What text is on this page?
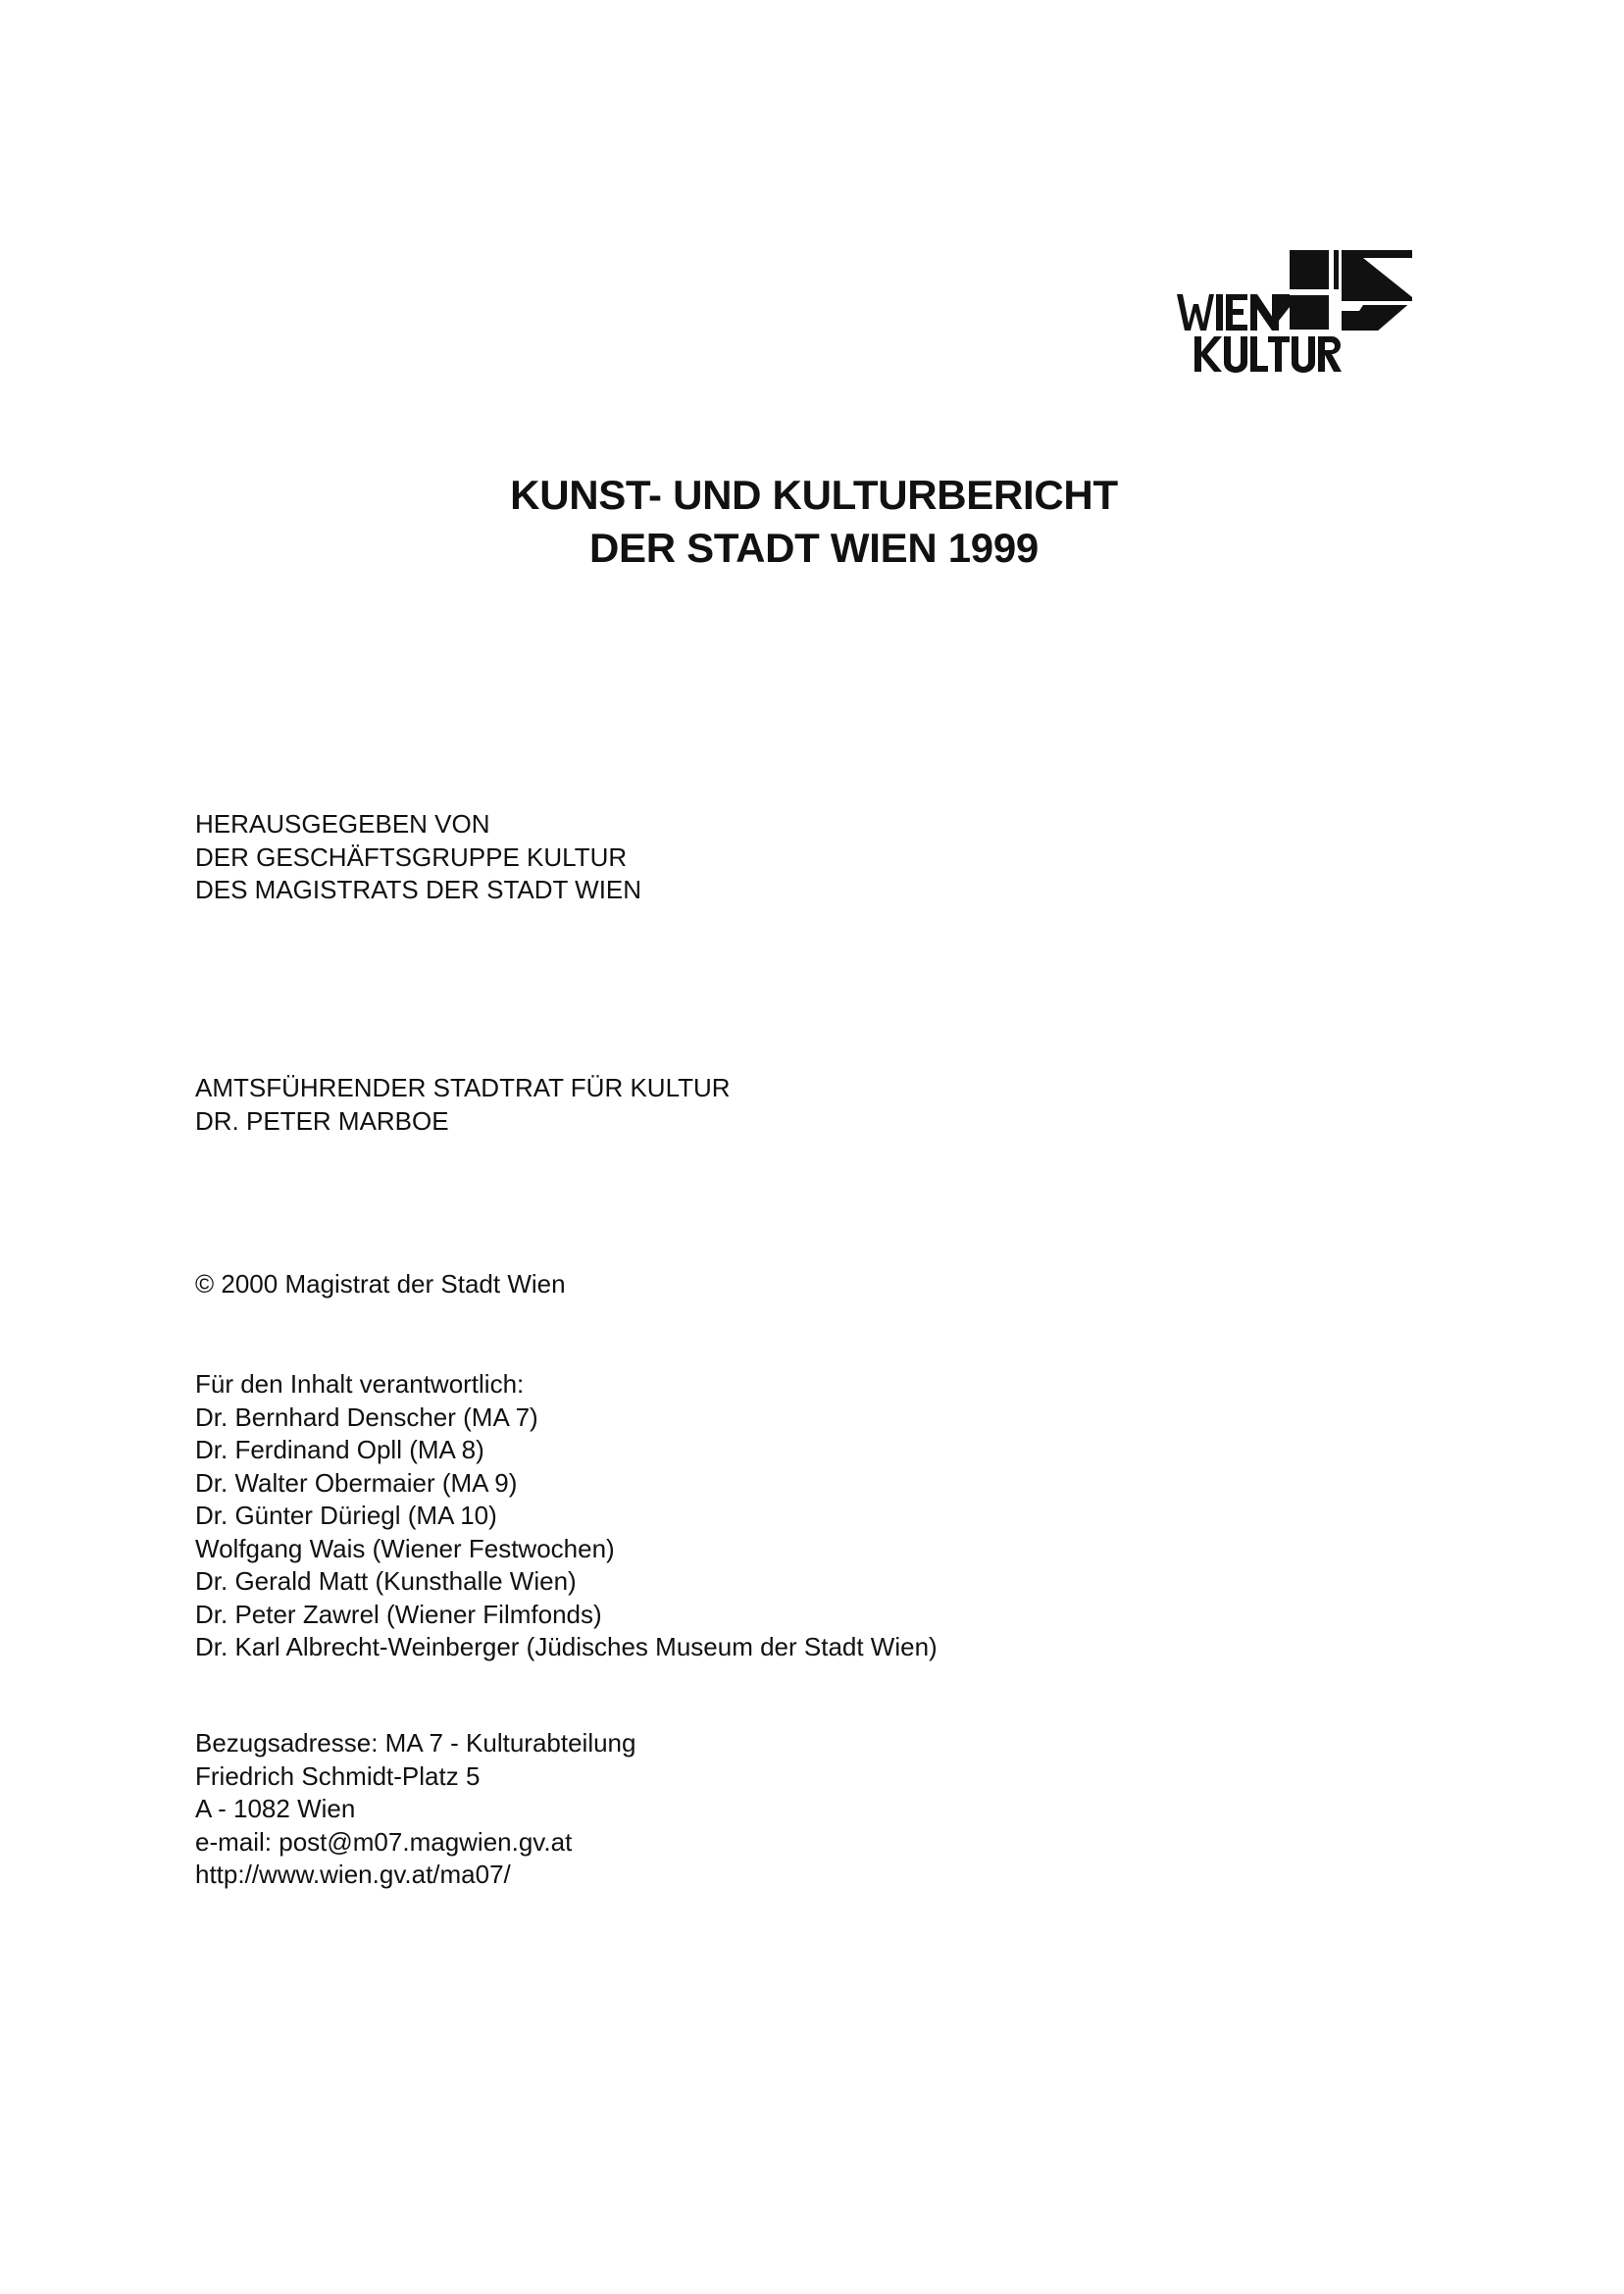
KUNST- UND KULTURBERICHT
DER STADT WIEN 1999
HERAUSGEGEBEN VON
DER GESCHÄFTSGRUPPE KULTUR
DES MAGISTRATS DER STADT WIEN
AMTSFÜHRENDER STADTRAT FÜR KULTUR
DR. PETER MARBOE
© 2000 Magistrat der Stadt Wien
Für den Inhalt verantwortlich:
Dr. Bernhard Denscher (MA 7)
Dr. Ferdinand Opll (MA 8)
Dr. Walter Obermaier (MA 9)
Dr. Günter Düriegl (MA 10)
Wolfgang Wais (Wiener Festwochen)
Dr. Gerald Matt (Kunsthalle Wien)
Dr. Peter Zawrel (Wiener Filmfonds)
Dr. Karl Albrecht-Weinberger (Jüdisches Museum der Stadt Wien)
Bezugsadresse: MA 7 - Kulturabteilung
Friedrich Schmidt-Platz 5
A - 1082 Wien
e-mail: post@m07.magwien.gv.at
http://www.wien.gv.at/ma07/
